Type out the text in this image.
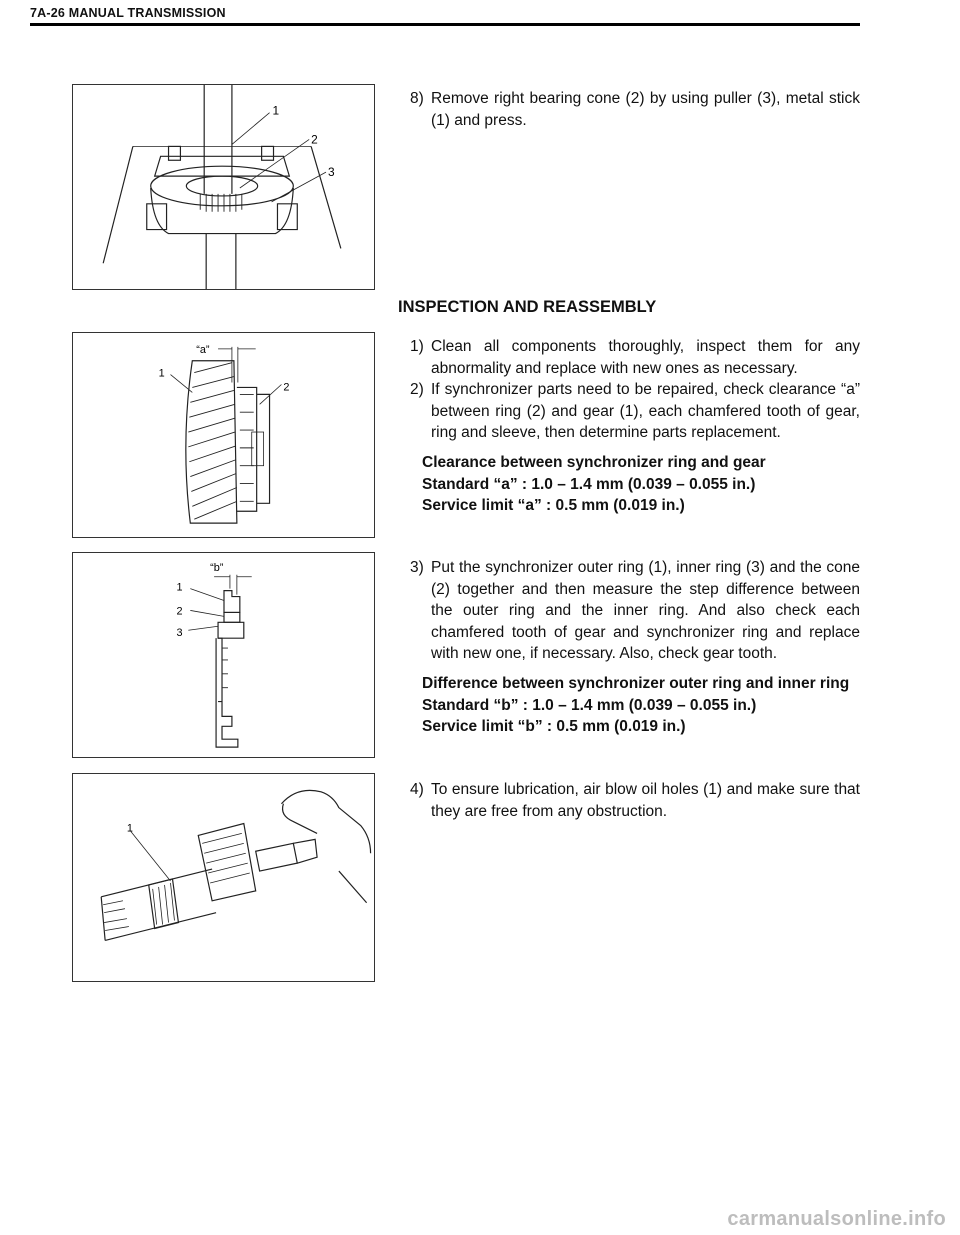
7A-26 MANUAL TRANSMISSION
1
2
3
8) Remove right bearing cone (2) by using puller (3), metal stick (1) and press.
INSPECTION AND REASSEMBLY
“a”
1
2
1) Clean all components thoroughly, inspect them for any abnormality and replace with new ones as necessary.
2) If synchronizer parts need to be repaired, check clearance “a” between ring (2) and gear (1), each chamfered tooth of gear, ring and sleeve, then determine parts replacement.
Clearance between synchronizer ring and gear
Standard “a” : 1.0 – 1.4 mm (0.039 – 0.055 in.)
Service limit “a” : 0.5 mm (0.019 in.)
“b”
1
2
3
3) Put the synchronizer outer ring (1), inner ring (3) and the cone (2) together and then measure the step difference between the outer ring and the inner ring. And also check each chamfered tooth of gear and synchronizer ring and replace with new one, if necessary. Also, check gear tooth.
Difference between synchronizer outer ring and inner ring
Standard “b” : 1.0 – 1.4 mm (0.039 – 0.055 in.)
Service limit “b” : 0.5 mm (0.019 in.)
1
4) To ensure lubrication, air blow oil holes (1) and make sure that they are free from any obstruction.
carmanualsonline.info
